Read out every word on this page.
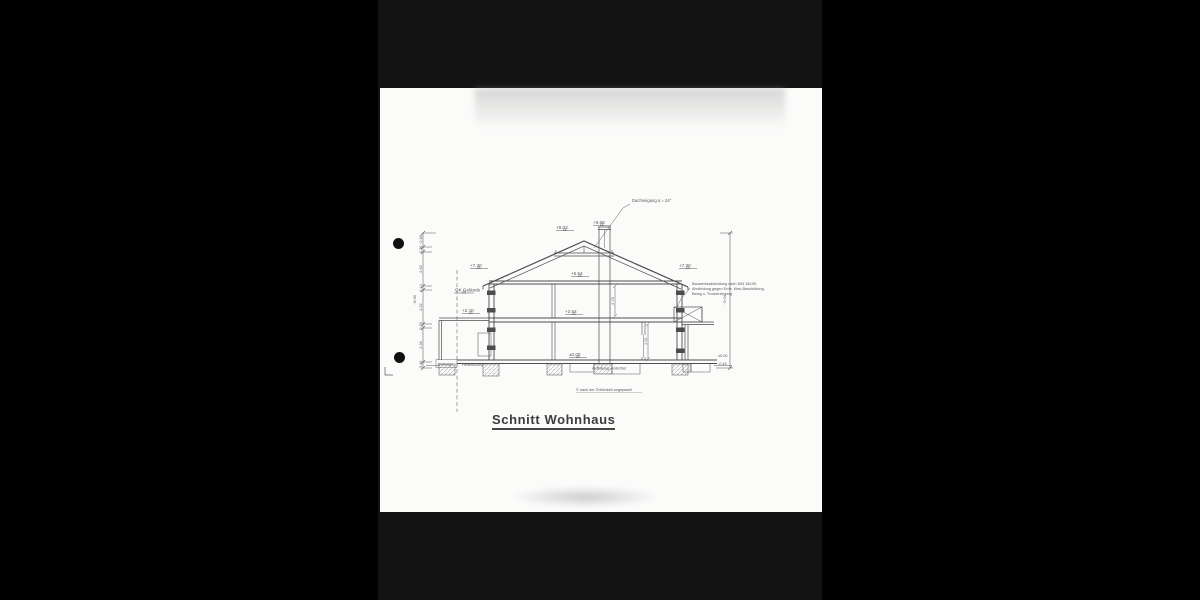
-0.45
2.36
0.25
2.52
0.14
2.52
0.38
~2.80
~8.90	~9.04
±0.00
-0.45
2.75
2.51
+9.89
+9.03
+7.30	+7.30
+5.64
+2.64
±0.00
+2.70
OK Gelände
Dachneigung α = 24°
Bauwerksabdichtung nach DIN 18195,
Abdichtung gegen Erde, Kies-Beschüttung,
Belag u. Trockenlegung
Drainage Hinterfüllung
Auffüllung verdichtet
© nach der Örtlichkeit angepasst!
Schnitt Wohnhaus
